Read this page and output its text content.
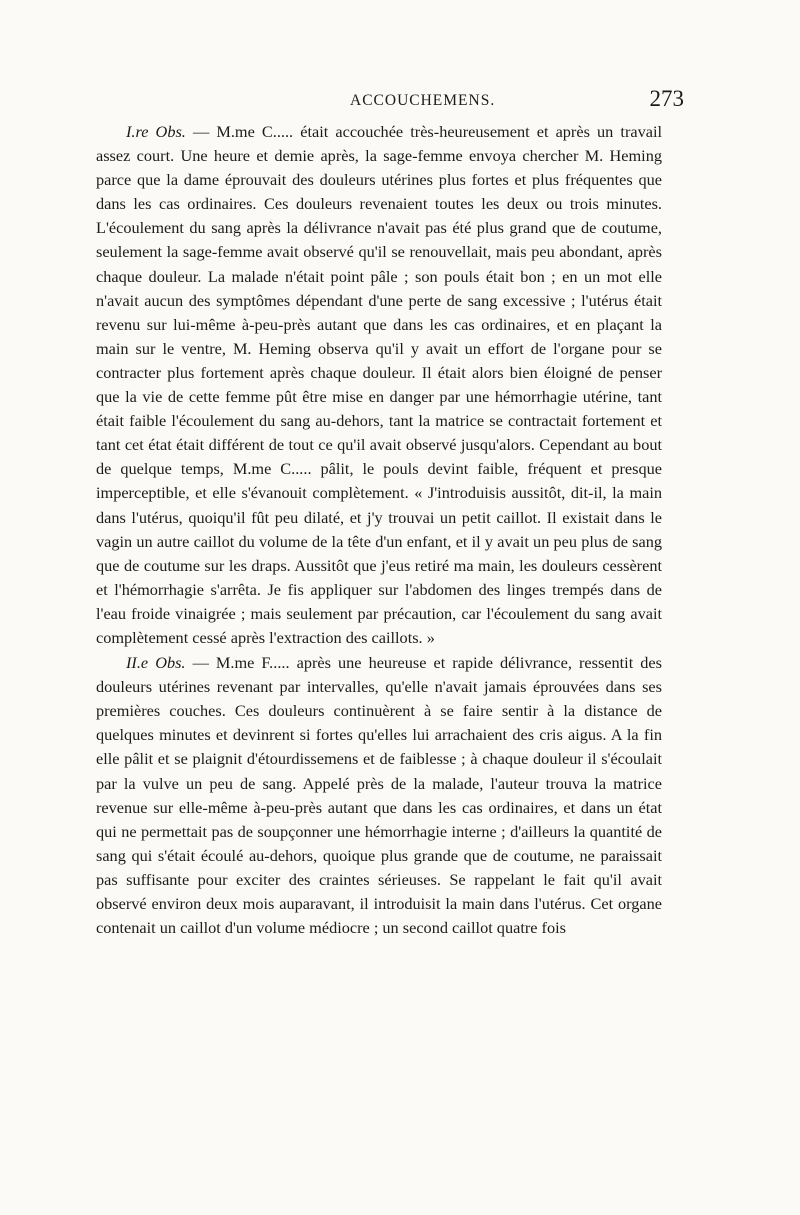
ACCOUCHEMENS.	273

I.re Obs. — M.me C..... était accouchée très-heureusement et après un travail assez court. Une heure et demie après, la sage-femme envoya chercher M. Heming parce que la dame éprouvait des douleurs utérines plus fortes et plus fréquentes que dans les cas ordinaires. Ces douleurs revenaient toutes les deux ou trois minutes. L'écoulement du sang après la délivrance n'avait pas été plus grand que de coutume, seulement la sage-femme avait observé qu'il se renouvellait, mais peu abondant, après chaque douleur. La malade n'était point pâle ; son pouls était bon ; en un mot elle n'avait aucun des symptômes dépendant d'une perte de sang excessive ; l'utérus était revenu sur lui-même à-peu-près autant que dans les cas ordinaires, et en plaçant la main sur le ventre, M. Heming observa qu'il y avait un effort de l'organe pour se contracter plus fortement après chaque douleur. Il était alors bien éloigné de penser que la vie de cette femme pût être mise en danger par une hémorrhagie utérine, tant était faible l'écoulement du sang au-dehors, tant la matrice se contractait fortement et tant cet état était différent de tout ce qu'il avait observé jusqu'alors. Cependant au bout de quelque temps, M.me C..... pâlit, le pouls devint faible, fréquent et presque imperceptible, et elle s'évanouit complètement. « J'introduisis aussitôt, dit-il, la main dans l'utérus, quoiqu'il fût peu dilaté, et j'y trouvai un petit caillot. Il existait dans le vagin un autre caillot du volume de la tête d'un enfant, et il y avait un peu plus de sang que de coutume sur les draps. Aussitôt que j'eus retiré ma main, les douleurs cessèrent et l'hémorrhagie s'arrêta. Je fis appliquer sur l'abdomen des linges trempés dans de l'eau froide vinaigrée ; mais seulement par précaution, car l'écoulement du sang avait complètement cessé après l'extraction des caillots. »

II.e Obs. — M.me F..... après une heureuse et rapide délivrance, ressentit des douleurs utérines revenant par intervalles, qu'elle n'avait jamais éprouvées dans ses premières couches. Ces douleurs continuèrent à se faire sentir à la distance de quelques minutes et devinrent si fortes qu'elles lui arrachaient des cris aigus. A la fin elle pâlit et se plaignit d'étourdissemens et de faiblesse ; à chaque douleur il s'écoulait par la vulve un peu de sang. Appelé près de la malade, l'auteur trouva la matrice revenue sur elle-même à-peu-près autant que dans les cas ordinaires, et dans un état qui ne permettait pas de soupçonner une hémorrhagie interne ; d'ailleurs la quantité de sang qui s'était écoulé au-dehors, quoique plus grande que de coutume, ne paraissait pas suffisante pour exciter des craintes sérieuses. Se rappelant le fait qu'il avait observé environ deux mois auparavant, il introduisit la main dans l'utérus. Cet organe contenait un caillot d'un volume médiocre ; un second caillot quatre fois
